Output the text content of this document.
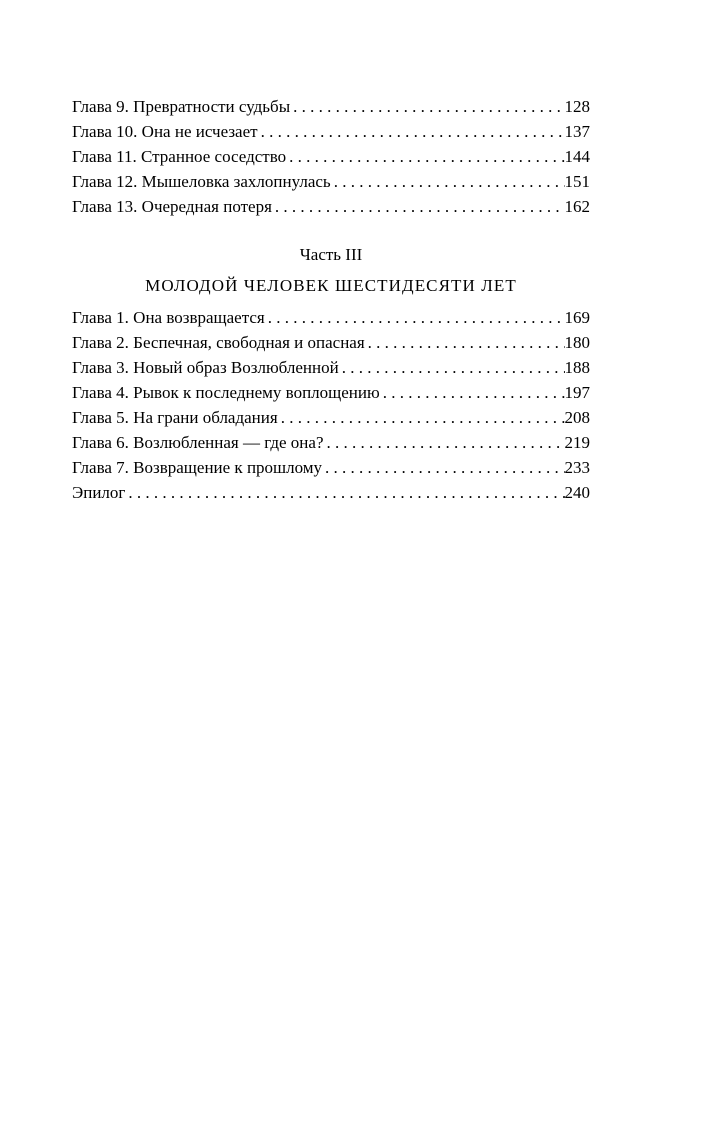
Глава 9. Превратности судьбы . . .	128
Глава 10. Она не исчезает . . .	137
Глава 11. Странное соседство . . .	144
Глава 12. Мышеловка захлопнулась . . .	151
Глава 13. Очередная потеря . . .	162
Часть III
МОЛОДОЙ ЧЕЛОВЕК ШЕСТИДЕСЯТИ ЛЕТ
Глава 1. Она возвращается . . .	169
Глава 2. Беспечная, свободная и опасная . . .	180
Глава 3. Новый образ Возлюбленной . . .	188
Глава 4. Рывок к последнему воплощению . . .	197
Глава 5. На грани обладания . . .	208
Глава 6. Возлюбленная — где она? . . .	219
Глава 7. Возвращение к прошлому . . .	233
Эпилог . . .	240
